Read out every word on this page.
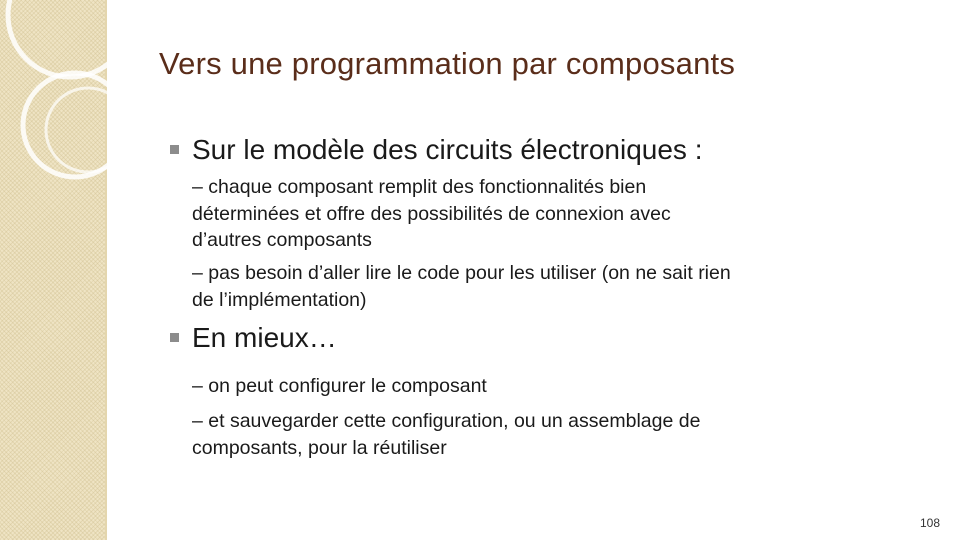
Vers une programmation par composants
Sur le modèle des circuits électroniques :
– chaque composant remplit des fonctionnalités bien
déterminées et offre des possibilités de connexion avec
d’autres composants
– pas besoin d’aller lire le code pour les utiliser (on ne sait rien
de l’implémentation)
En mieux…
– on peut configurer le composant
– et sauvegarder cette configuration, ou un assemblage de
composants, pour la réutiliser
108
